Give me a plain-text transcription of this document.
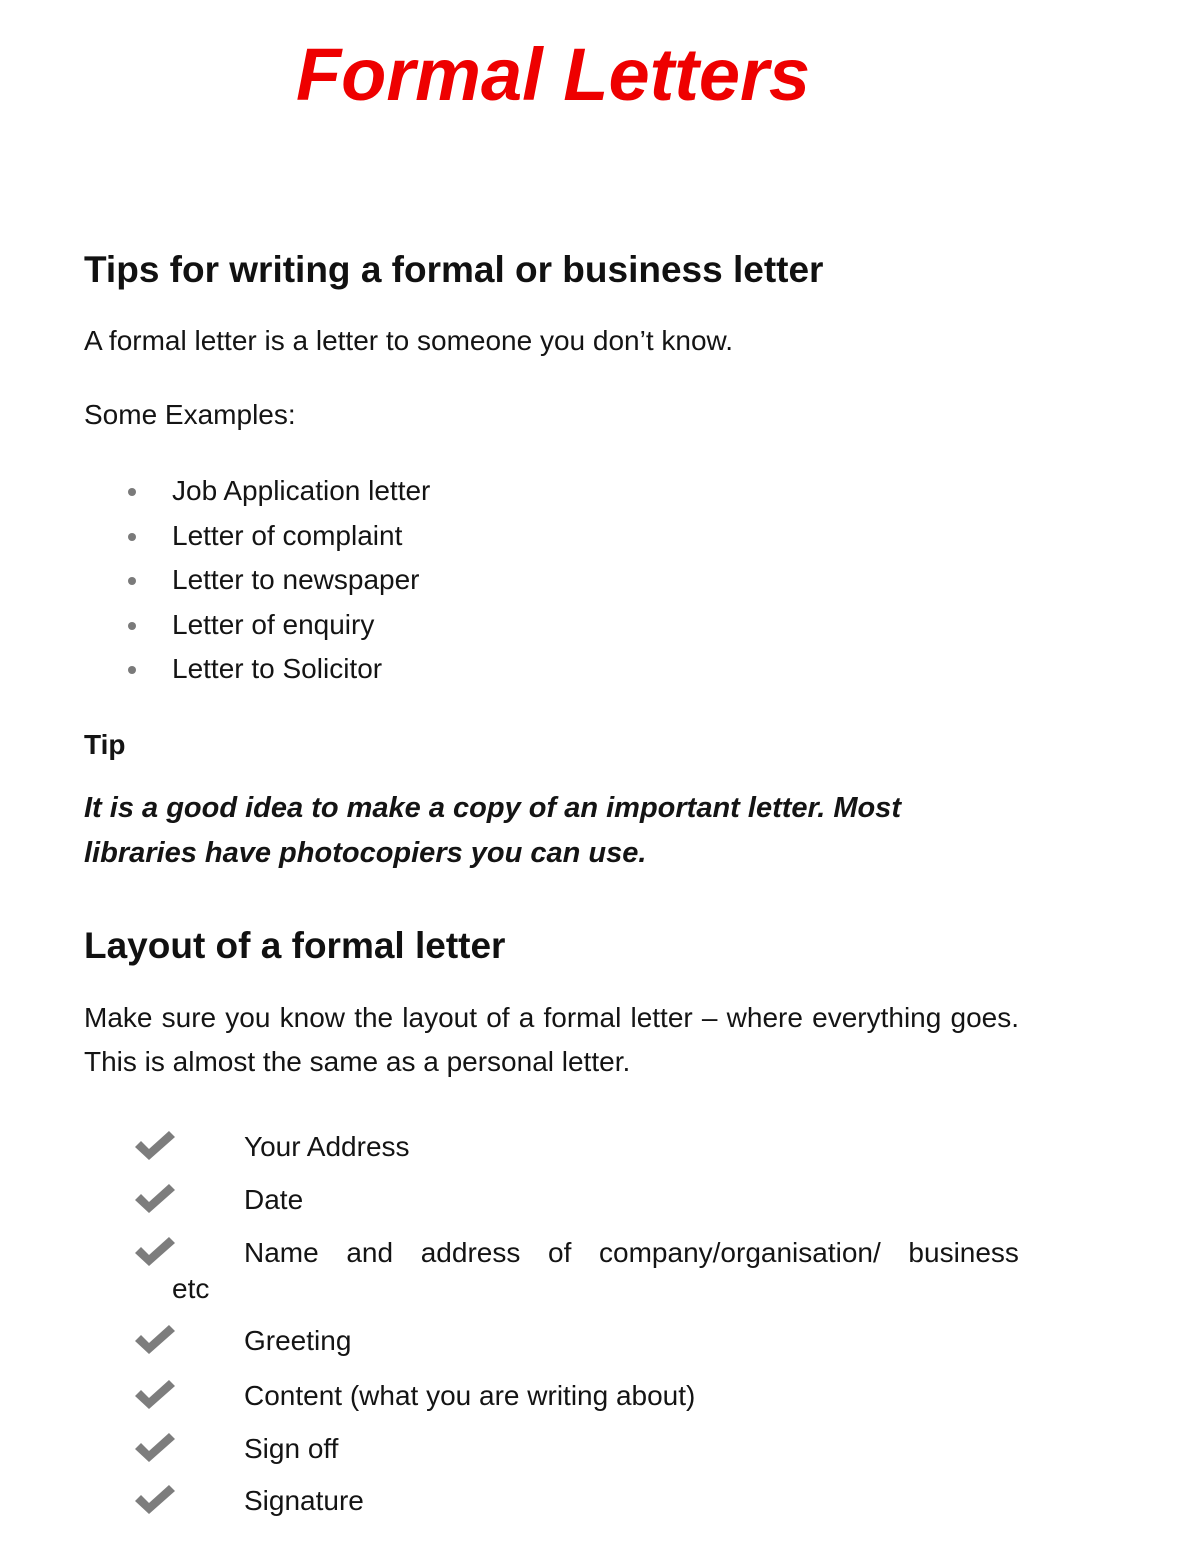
Formal Letters
Tips for writing a formal or business letter

A formal letter is a letter to someone you don’t know.

Some Examples:

Job Application letter
Letter of complaint
Letter to newspaper
Letter of enquiry
Letter to Solicitor

Tip

It is a good idea to make a copy of an important letter. Most
libraries have photocopiers you can use.

Layout of a formal letter

Make sure you know the layout of a formal letter – where everything goes. This is almost the same as a personal letter.

Your Address
Date
Name and address of company/organisation/ business
etc
Greeting
Content (what you are writing about)
Sign off
Signature
